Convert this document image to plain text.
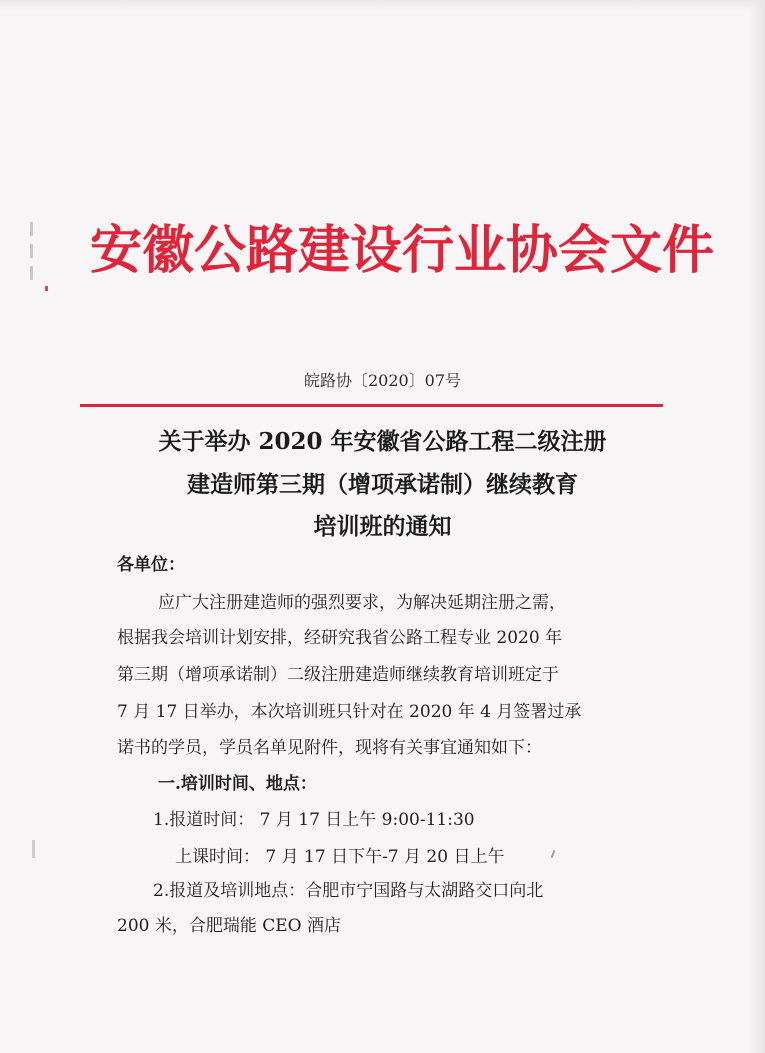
安徽公路建设行业协会文件
皖路协〔2020〕07号
关于举办 2020 年安徽省公路工程二级注册
建造师第三期（增项承诺制）继续教育
培训班的通知
各单位：
应广大注册建造师的强烈要求，为解决延期注册之需，
根据我会培训计划安排，经研究我省公路工程专业 2020 年
第三期（增项承诺制）二级注册建造师继续教育培训班定于
7 月 17 日举办，本次培训班只针对在 2020 年 4 月签署过承
诺书的学员，学员名单见附件，现将有关事宜通知如下：
一.培训时间、地点：
1.报道时间： 7 月 17 日上午 9:00-11:30
上课时间： 7 月 17 日下午-7 月 20 日上午
2.报道及培训地点：合肥市宁国路与太湖路交口向北
200 米，合肥瑞能 CEO 酒店
